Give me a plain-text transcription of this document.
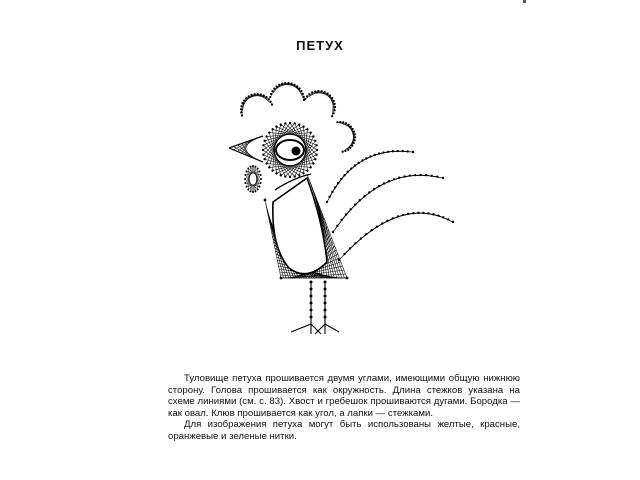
ПЕТУХ

Туловище петуха прошивается двумя углами, имеющими общую нижнюю сторону. Голова прошивается как окружность. Длина стежков указана на схеме линиями (см. с. 83). Хвост и гребешок прошиваются дугами. Бородка — как овал. Клюв прошивается как угол, а лапки — стежками.

Для изображения петуха могут быть использованы желтые, красные, оранжевые и зеленые нитки.
